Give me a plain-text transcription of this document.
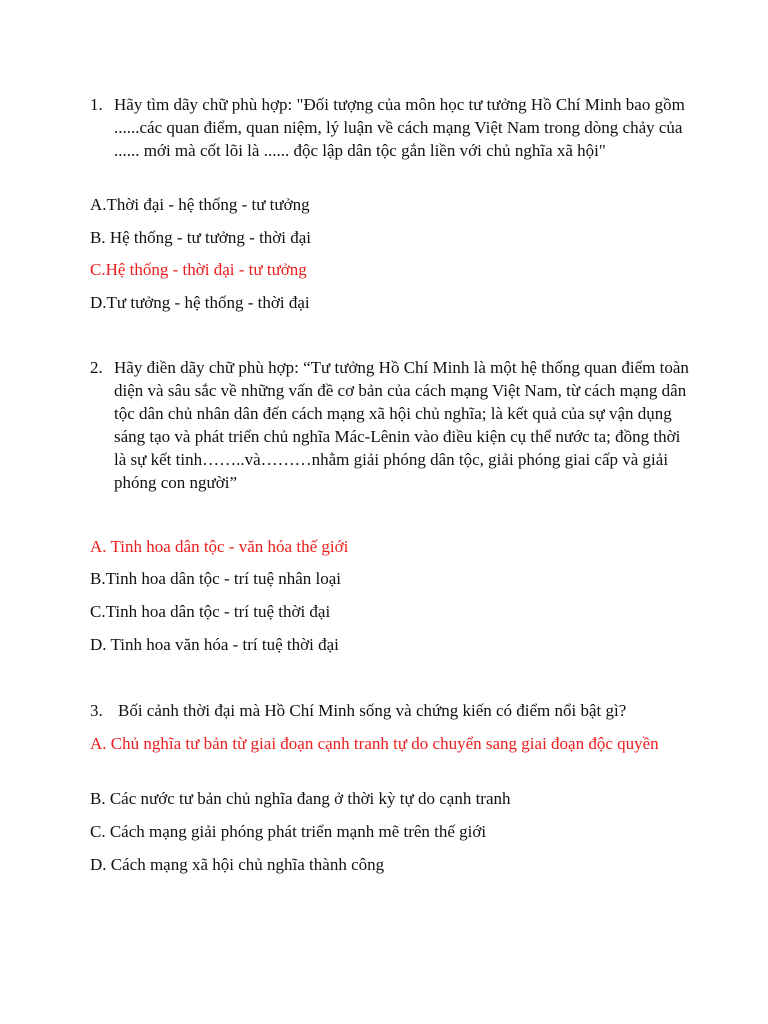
1. Hãy tìm dãy chữ phù hợp: "Đối tượng của môn học tư tưởng Hồ Chí Minh bao gồm ......các quan điểm, quan niệm, lý luận về cách mạng Việt Nam trong dòng chảy của ...... mới mà cốt lõi là ...... độc lập dân tộc gắn liền với chủ nghĩa xã hội"
A.Thời đại - hệ thống - tư tưởng
B. Hệ thống - tư tưởng - thời đại
C.Hệ thống - thời đại - tư tưởng
D.Tư tưởng - hệ thống - thời đại
2. Hãy điền dãy chữ phù hợp: “Tư tưởng Hồ Chí Minh là một hệ thống quan điểm toàn diện và sâu sắc về những vấn đề cơ bản của cách mạng Việt Nam, từ cách mạng dân tộc dân chủ nhân dân đến cách mạng xã hội chủ nghĩa; là kết quả của sự vận dụng sáng tạo và phát triển chủ nghĩa Mác-Lênin vào điều kiện cụ thể nước ta; đồng thời là sự kết tinh……..và………nhằm giải phóng dân tộc, giải phóng giai cấp và giải phóng con người”
A. Tinh hoa dân tộc - văn hóa thế giới
B.Tinh hoa dân tộc - trí tuệ nhân loại
C.Tinh hoa dân tộc - trí tuệ thời đại
D. Tinh hoa văn hóa - trí tuệ thời đại
3. Bối cảnh thời đại mà Hồ Chí Minh sống và chứng kiến có điểm nổi bật gì?
A. Chủ nghĩa tư bản từ giai đoạn cạnh tranh tự do chuyển sang giai đoạn độc quyền
B. Các nước tư bản chủ nghĩa đang ở thời kỳ tự do cạnh tranh
C. Cách mạng giải phóng phát triển mạnh mẽ trên thế giới
D. Cách mạng xã hội chủ nghĩa thành công
